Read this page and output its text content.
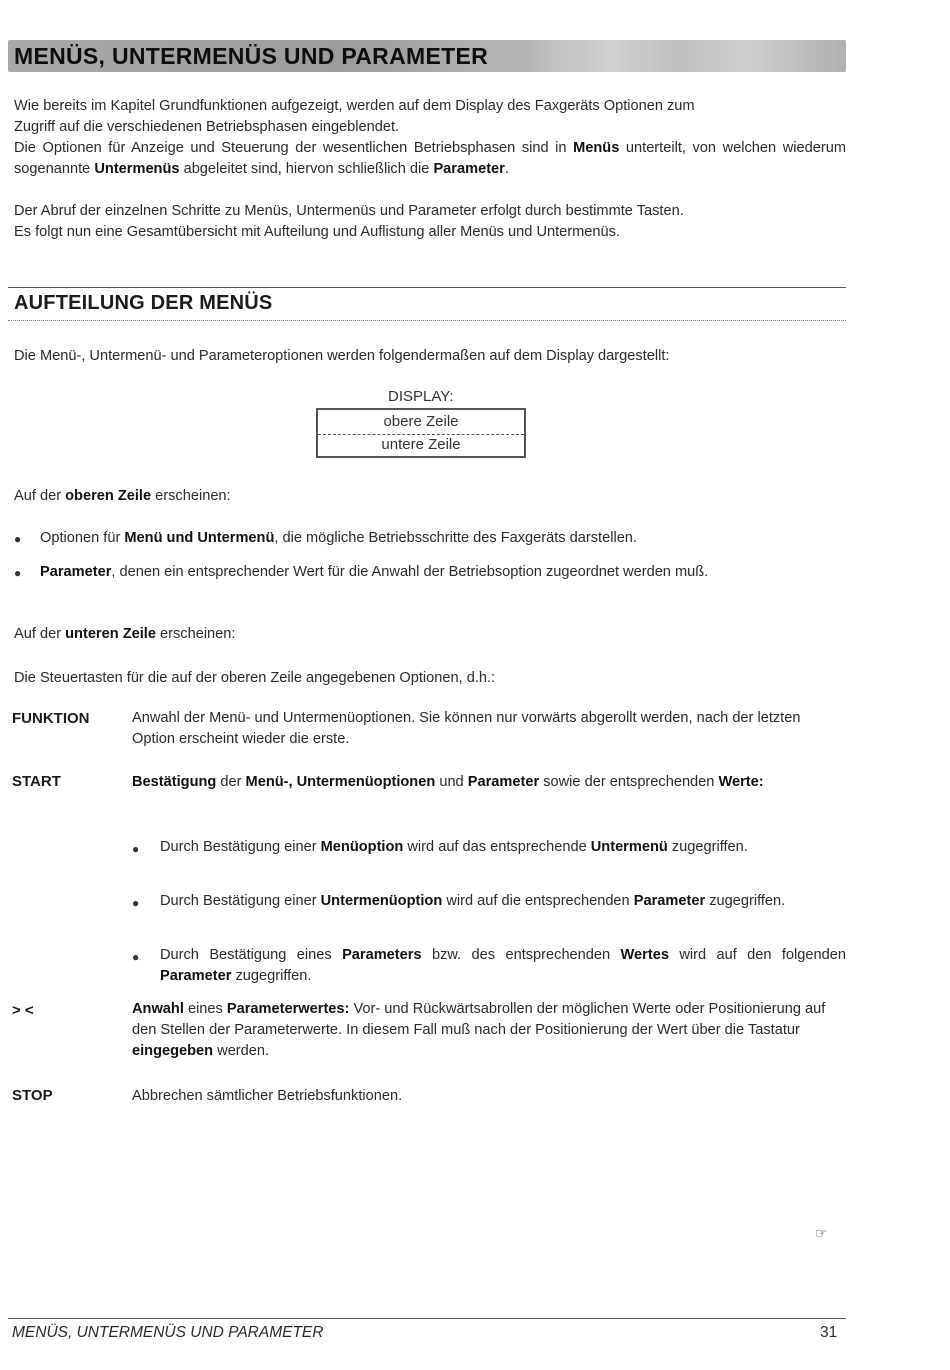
MENÜS, UNTERMENÜS UND PARAMETER
Wie bereits im Kapitel Grundfunktionen aufgezeigt, werden auf dem Display des Faxgeräts Optionen zum
Zugriff auf die verschiedenen Betriebsphasen eingeblendet.
Die Optionen für Anzeige und Steuerung der wesentlichen Betriebsphasen sind in Menüs unterteilt, von welchen wiederum sogenannte Untermenüs abgeleitet sind, hiervon schließlich die Parameter.
Der Abruf der einzelnen Schritte zu Menüs, Untermenüs und Parameter erfolgt durch bestimmte Tasten.
Es folgt nun eine Gesamtübersicht mit Aufteilung und Auflistung aller Menüs und Untermenüs.
AUFTEILUNG DER MENÜS
Die Menü-, Untermenü- und Parameteroptionen werden folgendermaßen auf dem Display dargestellt:
DISPLAY:
obere Zeile
untere Zeile
Auf der oberen Zeile erscheinen:
● Optionen für Menü und Untermenü, die mögliche Betriebsschritte des Faxgeräts darstellen.
● Parameter, denen ein entsprechender Wert für die Anwahl der Betriebsoption zugeordnet werden muß.
Auf der unteren Zeile erscheinen:
Die Steuertasten für die auf der oberen Zeile angegebenen Optionen, d.h.:
FUNKTION	Anwahl der Menü- und Untermenüoptionen. Sie können nur vorwärts abgerollt werden, nach der letzten Option erscheint wieder die erste.
START	Bestätigung der Menü-, Untermenüoptionen und Parameter sowie der entsprechenden Werte:
● Durch Bestätigung einer Menüoption wird auf das entsprechende Untermenü zugegriffen.
● Durch Bestätigung einer Untermenüoption wird auf die entsprechenden Parameter zugegriffen.
● Durch Bestätigung eines Parameters bzw. des entsprechenden Wertes wird auf den folgenden Parameter zugegriffen.
> <	Anwahl eines Parameterwertes: Vor- und Rückwärtsabrollen der möglichen Werte oder Positionierung auf den Stellen der Parameterwerte. In diesem Fall muß nach der Positionierung der Wert über die Tastatur eingegeben werden.
STOP	Abbrechen sämtlicher Betriebsfunktionen.
☞
MENÜS, UNTERMENÜS UND PARAMETER	31
